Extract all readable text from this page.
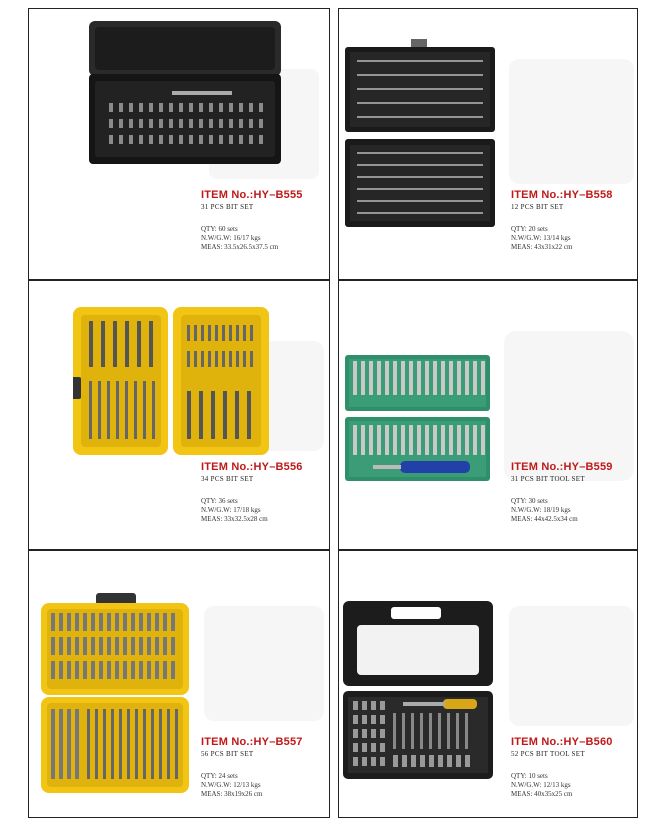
ITEM No.:HY–B555
31 PCS BIT SET
QTY: 60 sets
N.W/G.W: 16/17 kgs
MEAS: 33.5x26.5x37.5 cm
ITEM No.:HY–B558
12 PCS BIT SET
QTY: 20 sets
N.W/G.W: 13/14 kgs
MEAS: 43x31x22 cm
ITEM No.:HY–B556
34 PCS BIT SET
QTY: 36 sets
N.W/G.W: 17/18 kgs
MEAS: 33x32.5x28 cm
ITEM No.:HY–B559
31 PCS BIT TOOL SET
QTY: 30 sets
N.W/G.W: 18/19 kgs
MEAS: 44x42.5x34 cm
ITEM No.:HY–B557
56 PCS BIT SET
QTY: 24 sets
N.W/G.W: 12/13 kgs
MEAS: 38x19x26 cm
ITEM No.:HY–B560
52 PCS BIT TOOL SET
QTY: 10 sets
N.W/G.W: 12/13 kgs
MEAS: 40x35x25 cm
